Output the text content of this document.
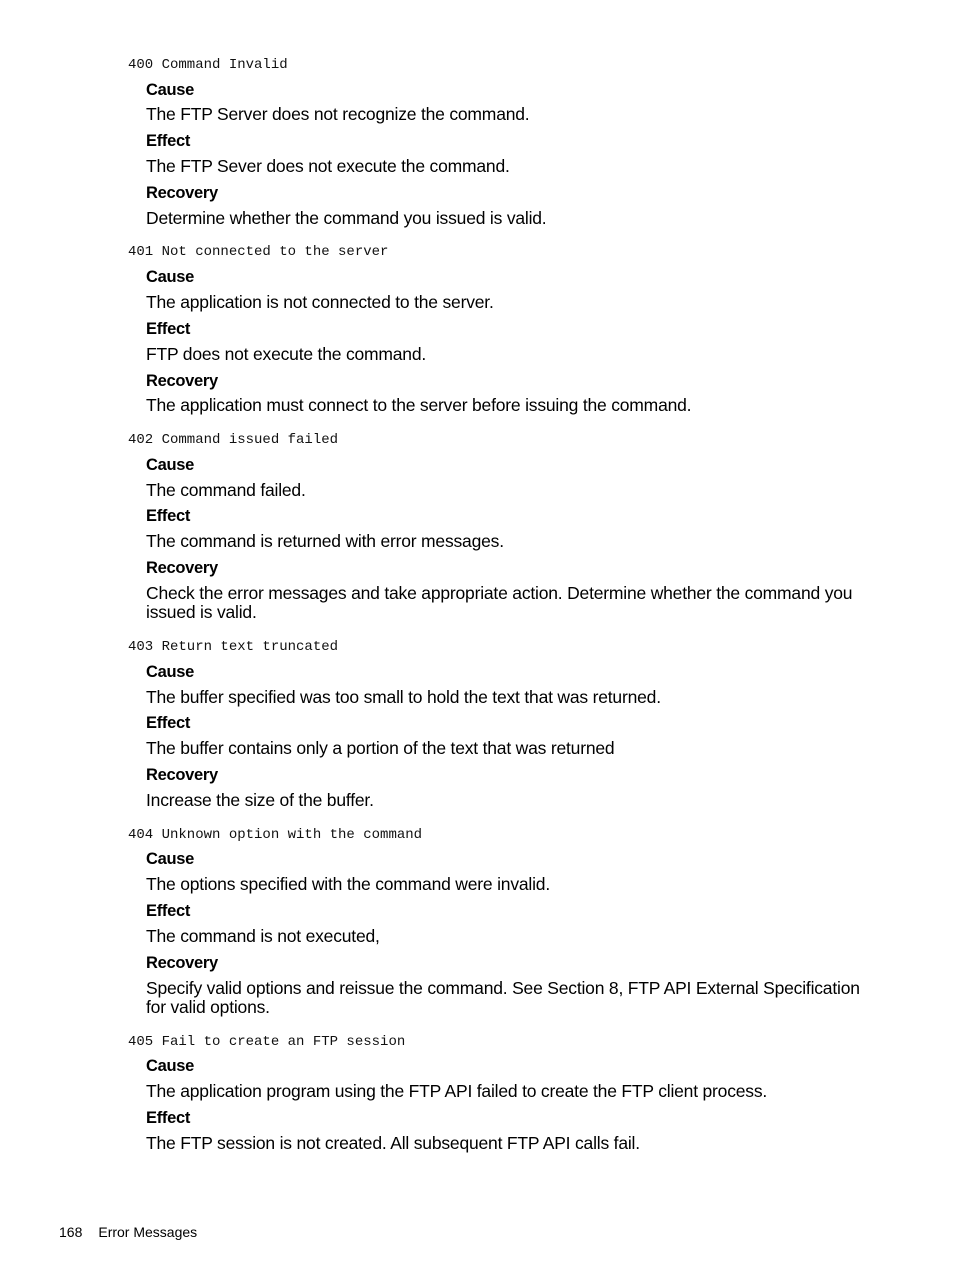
400 Command Invalid
Cause
The FTP Server does not recognize the command.
Effect
The FTP Sever does not execute the command.
Recovery
Determine whether the command you issued is valid.
401 Not connected to the server
Cause
The application is not connected to the server.
Effect
FTP does not execute the command.
Recovery
The application must connect to the server before issuing the command.
402 Command issued failed
Cause
The command failed.
Effect
The command is returned with error messages.
Recovery
Check the error messages and take appropriate action. Determine whether the command you issued is valid.
403 Return text truncated
Cause
The buffer specified was too small to hold the text that was returned.
Effect
The buffer contains only a portion of the text that was returned
Recovery
Increase the size of the buffer.
404 Unknown option with the command
Cause
The options specified with the command were invalid.
Effect
The command is not executed,
Recovery
Specify valid options and reissue the command. See Section 8, FTP API External Specification for valid options.
405 Fail to create an FTP session
Cause
The application program using the FTP API failed to create the FTP client process.
Effect
The FTP session is not created. All subsequent FTP API calls fail.
168 Error Messages
